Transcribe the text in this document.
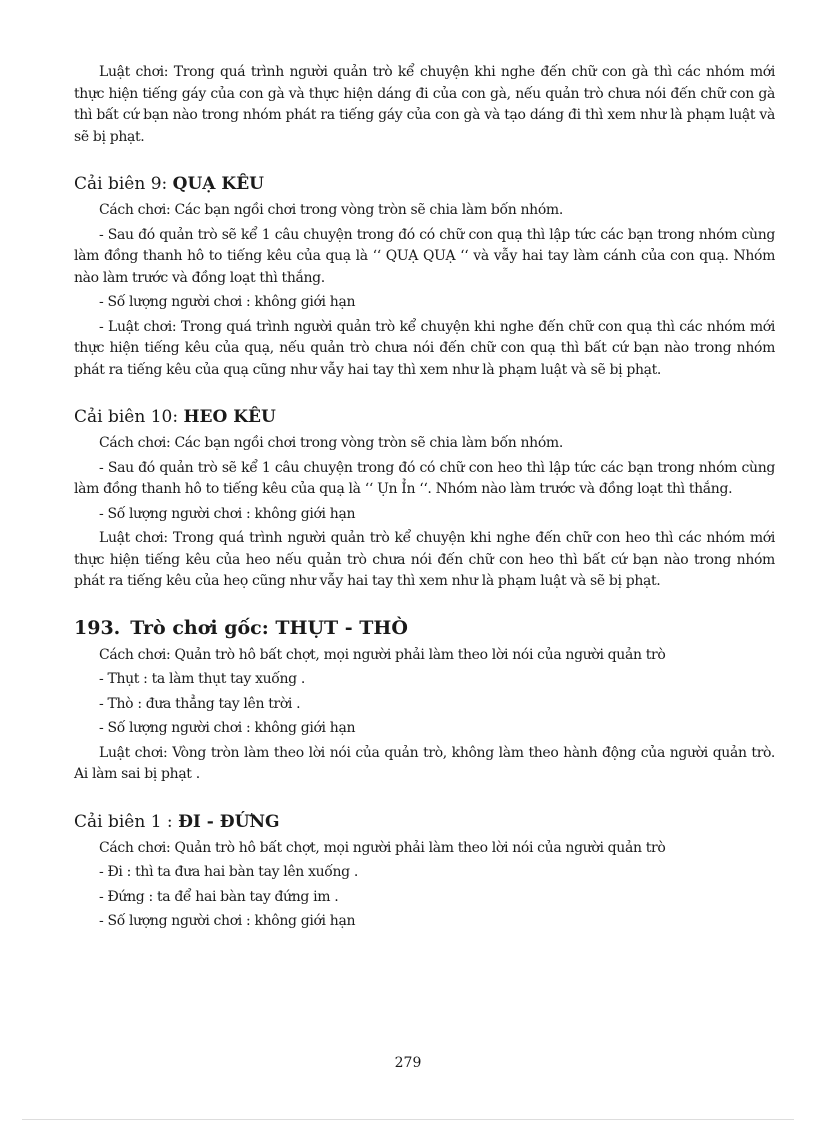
Luật chơi: Trong quá trình người quản trò kể chuyện khi nghe đến chữ con gà thì các nhóm mới thực hiện tiếng gáy của con gà và thực hiện dáng đi của con gà, nếu quản trò chưa nói đến chữ con gà thì bất cứ bạn nào trong nhóm phát ra tiếng gáy của con gà và tạo dáng đi thì xem như là phạm luật và sẽ bị phạt.

Cải biên 9: QUẠ KÊU

Cách chơi: Các bạn ngồi chơi trong vòng tròn sẽ chia làm bốn nhóm.

- Sau đó quản trò sẽ kể 1 câu chuyện trong đó có chữ con quạ thì lập tức các bạn trong nhóm cùng làm đồng thanh hô to tiếng kêu của quạ là ‘‘ QUẠ QUẠ ‘‘ và vẫy hai tay làm cánh của con quạ. Nhóm nào làm trước và đồng loạt thì thắng.

- Số lượng người chơi : không giới hạn

- Luật chơi: Trong quá trình người quản trò kể chuyện khi nghe đến chữ con quạ thì các nhóm mới thực hiện tiếng kêu của quạ, nếu quản trò chưa nói đến chữ con quạ thì bất cứ bạn nào trong nhóm phát ra tiếng kêu của quạ cũng như vẫy hai tay thì xem như là phạm luật và sẽ bị phạt.

Cải biên 10: HEO KÊU

Cách chơi: Các bạn ngồi chơi trong vòng tròn sẽ chia làm bốn nhóm.

- Sau đó quản trò sẽ kể 1 câu chuyện trong đó có chữ con heo thì lập tức các bạn trong nhóm cùng làm đồng thanh hô to tiếng kêu của quạ là ‘‘ Ụn Ỉn ‘‘. Nhóm nào làm trước và đồng loạt thì thắng.

- Số lượng người chơi : không giới hạn

Luật chơi: Trong quá trình người quản trò kể chuyện khi nghe đến chữ con heo thì các nhóm mới thực hiện tiếng kêu của heo nếu quản trò chưa nói đến chữ con heo thì bất cứ bạn nào trong nhóm phát ra tiếng kêu của heọ cũng như vẫy hai tay thì xem như là phạm luật và sẽ bị phạt.

193. Trò chơi gốc: THỤT - THÒ

Cách chơi: Quản trò hô bất chợt, mọi người phải làm theo lời nói của người quản trò

- Thụt : ta làm thụt tay xuống .

- Thò : đưa thẳng tay lên trời .

- Số lượng người chơi : không giới hạn

Luật chơi: Vòng tròn làm theo lời nói của quản trò, không làm theo hành động của người quản trò. Ai làm sai bị phạt .

Cải biên 1 : ĐI - ĐỨNG

Cách chơi: Quản trò hô bất chợt, mọi người phải làm theo lời nói của người quản trò

- Đi : thì ta đưa hai bàn tay lên xuống .

- Đứng : ta để hai bàn tay đứng im .

- Số lượng người chơi : không giới hạn

279
